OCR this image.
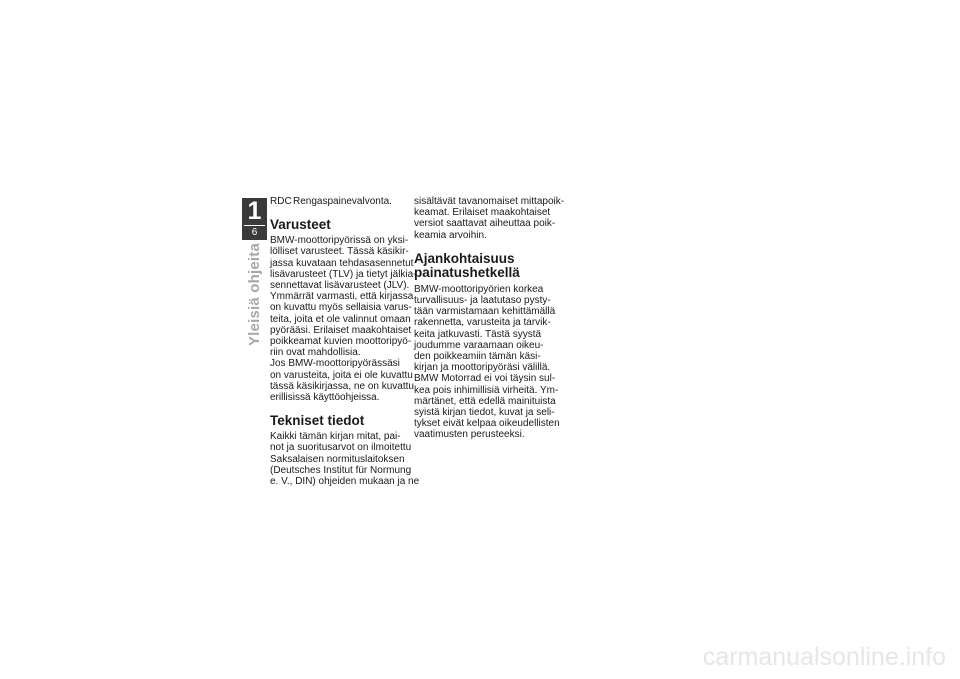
1
6
Yleisiä ohjeita
RDCRengaspainevalvonta.
Varusteet
BMW-moottoripyörissä on yksi-
lölliset varusteet. Tässä käsikir-
jassa kuvataan tehdasasennetut
lisävarusteet (TLV) ja tietyt jälkia-
sennettavat lisävarusteet (JLV).
Ymmärrät varmasti, että kirjassa
on kuvattu myös sellaisia varus-
teita, joita et ole valinnut omaan
pyörääsi. Erilaiset maakohtaiset
poikkeamat kuvien moottoripyö-
riin ovat mahdollisia.
Jos BMW-moottoripyörässäsi
on varusteita, joita ei ole kuvattu
tässä käsikirjassa, ne on kuvattu
erillisissä käyttöohjeissa.
Tekniset tiedot
Kaikki tämän kirjan mitat, pai-
not ja suoritusarvot on ilmoitettu
Saksalaisen normituslaitoksen
(Deutsches Institut für Normung
e. V., DIN) ohjeiden mukaan ja ne
sisältävät tavanomaiset mittapoik-
keamat. Erilaiset maakohtaiset
versiot saattavat aiheuttaa poik-
keamia arvoihin.
Ajankohtaisuus
painatushetkellä
BMW-moottoripyörien korkea
turvallisuus- ja laatutaso pysty-
tään varmistamaan kehittämällä
rakennetta, varusteita ja tarvik-
keita jatkuvasti. Tästä syystä
joudumme varaamaan oikeu-
den poikkeamiin tämän käsi-
kirjan ja moottoripyöräsi välillä.
BMW Motorrad ei voi täysin sul-
kea pois inhimillisiä virheitä. Ym-
märtänet, että edellä mainituista
syistä kirjan tiedot, kuvat ja seli-
tykset eivät kelpaa oikeudellisten
vaatimusten perusteeksi.
carmanualsonline.info
